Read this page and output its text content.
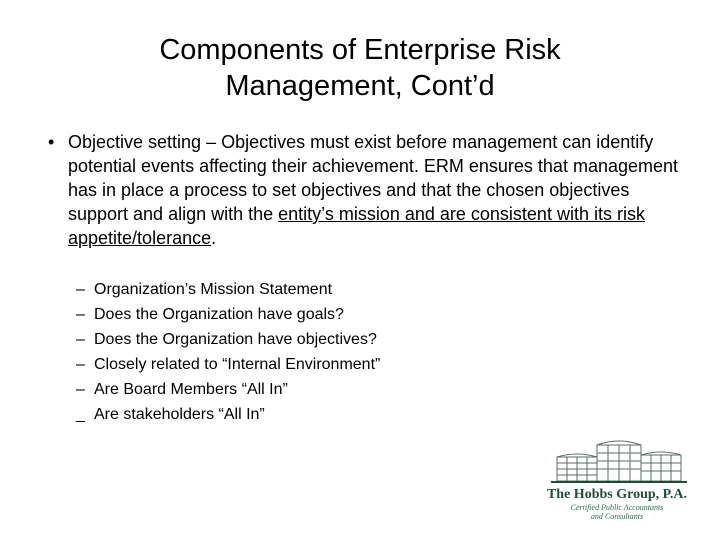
Components of Enterprise Risk
Management, Cont’d
• Objective setting – Objectives must exist before management can identify potential events affecting their achievement. ERM ensures that management has in place a process to set objectives and that the chosen objectives support and align with the entity’s mission and are consistent with its risk appetite/tolerance.
– Organization’s Mission Statement
– Does the Organization have goals?
– Does the Organization have objectives?
– Closely related to “Internal Environment”
– Are Board Members “All In”
_ Are stakeholders “All In”
The Hobbs Group, P.A.
Certified Public Accountants
and Consultants
